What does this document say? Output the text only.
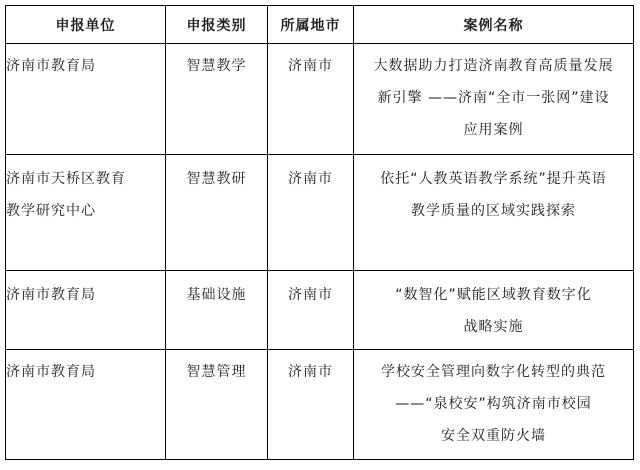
申报单位	申报类别	所属地市	案例名称

济南市教育局	智慧教学	济南市	大数据助力打造济南教育高质量发展
新引擎 ——济南“全市一张网”建设
应用案例

济南市天桥区教育
教学研究中心	智慧教研	济南市	依托“人教英语教学系统”提升英语
教学质量的区域实践探索

济南市教育局	基础设施	济南市	“数智化”赋能区域教育数字化
战略实施

济南市教育局	智慧管理	济南市	学校安全管理向数字化转型的典范
——“泉校安”构筑济南市校园
安全双重防火墙
